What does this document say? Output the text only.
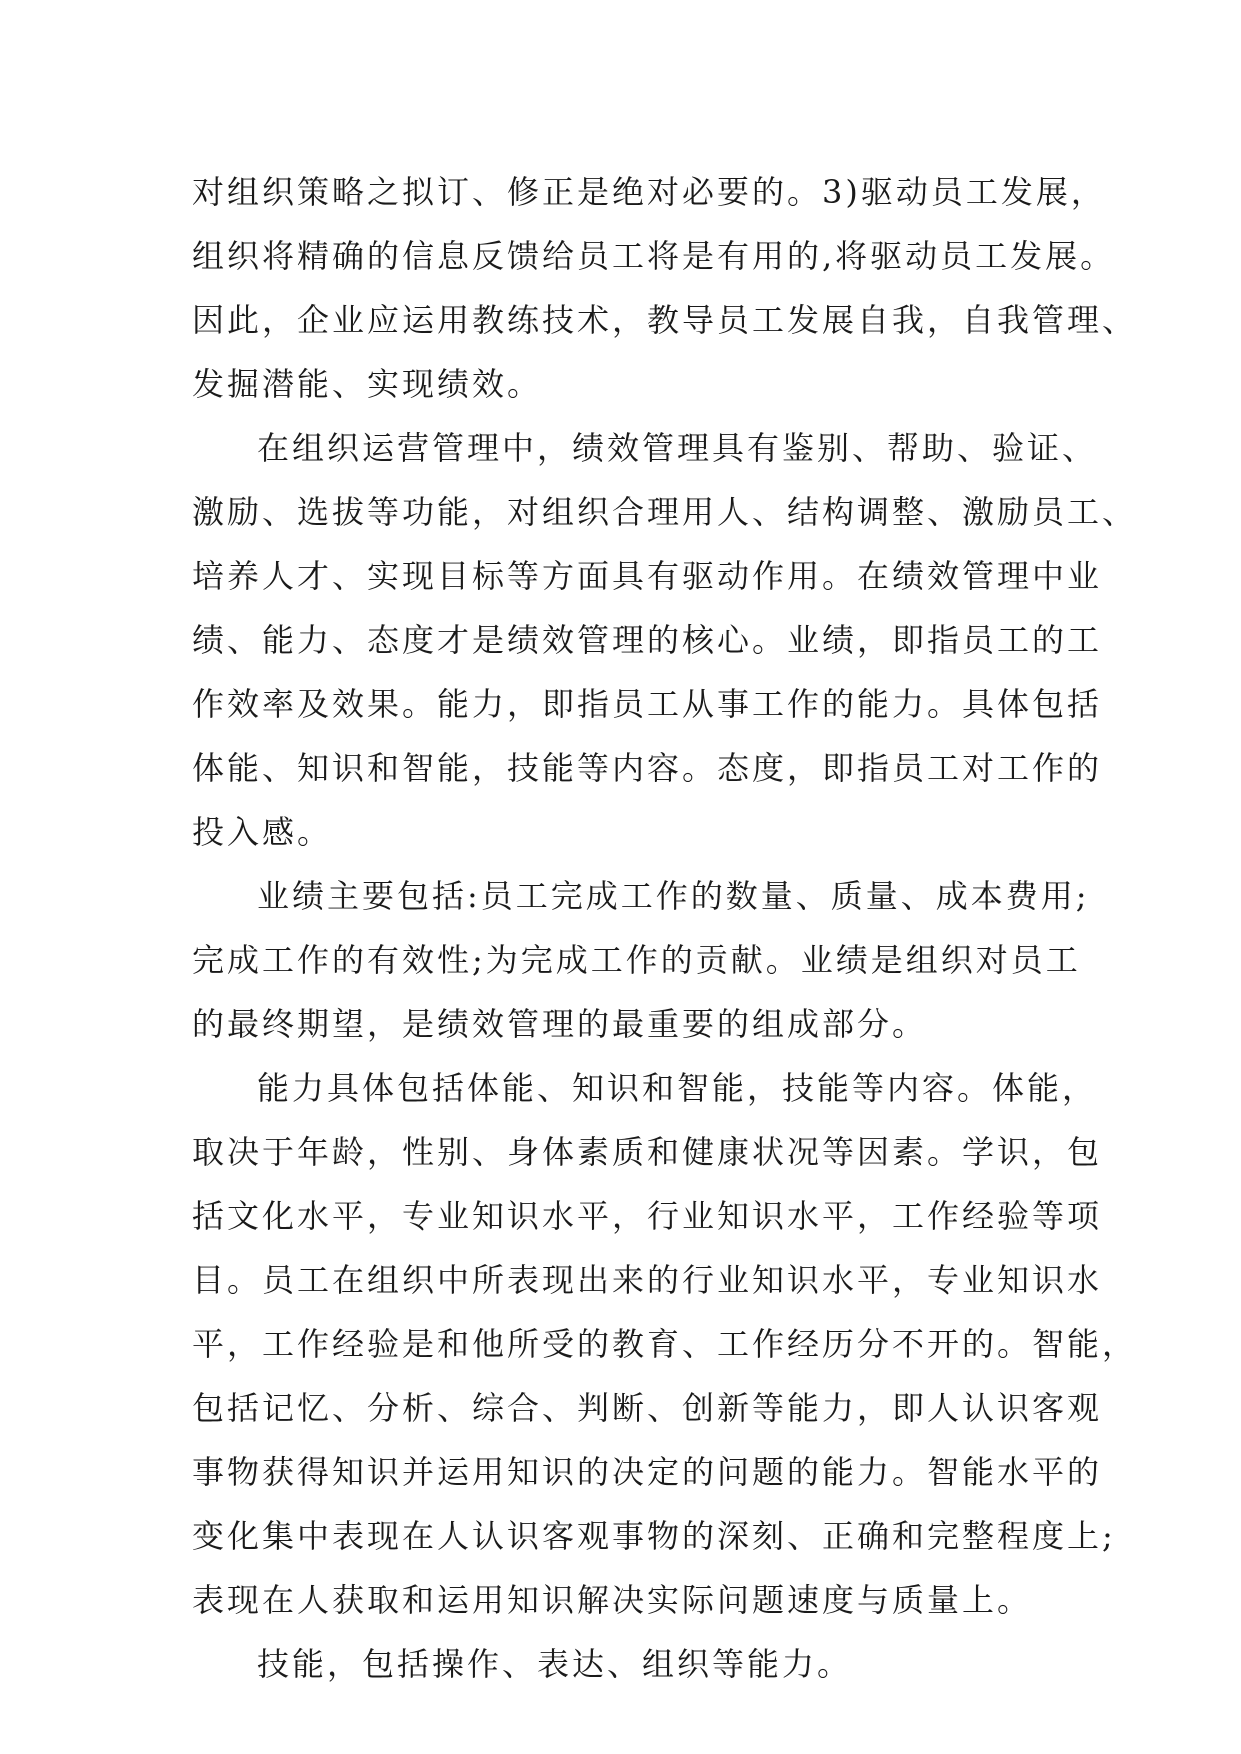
对组织策略之拟订、修正是绝对必要的。3)驱动员工发展，
组织将精确的信息反馈给员工将是有用的,将驱动员工发展。
因此，企业应运用教练技术，教导员工发展自我，自我管理、
发掘潜能、实现绩效。
在组织运营管理中，绩效管理具有鉴别、帮助、验证、
激励、选拔等功能，对组织合理用人、结构调整、激励员工、
培养人才、实现目标等方面具有驱动作用。在绩效管理中业
绩、能力、态度才是绩效管理的核心。业绩，即指员工的工
作效率及效果。能力，即指员工从事工作的能力。具体包括
体能、知识和智能，技能等内容。态度，即指员工对工作的
投入感。
业绩主要包括:员工完成工作的数量、质量、成本费用;
完成工作的有效性;为完成工作的贡献。业绩是组织对员工
的最终期望，是绩效管理的最重要的组成部分。
能力具体包括体能、知识和智能，技能等内容。体能，
取决于年龄，性别、身体素质和健康状况等因素。学识，包
括文化水平，专业知识水平，行业知识水平，工作经验等项
目。员工在组织中所表现出来的行业知识水平，专业知识水
平，工作经验是和他所受的教育、工作经历分不开的。智能，
包括记忆、分析、综合、判断、创新等能力，即人认识客观
事物获得知识并运用知识的决定的问题的能力。智能水平的
变化集中表现在人认识客观事物的深刻、正确和完整程度上;
表现在人获取和运用知识解决实际问题速度与质量上。
技能，包括操作、表达、组织等能力。
